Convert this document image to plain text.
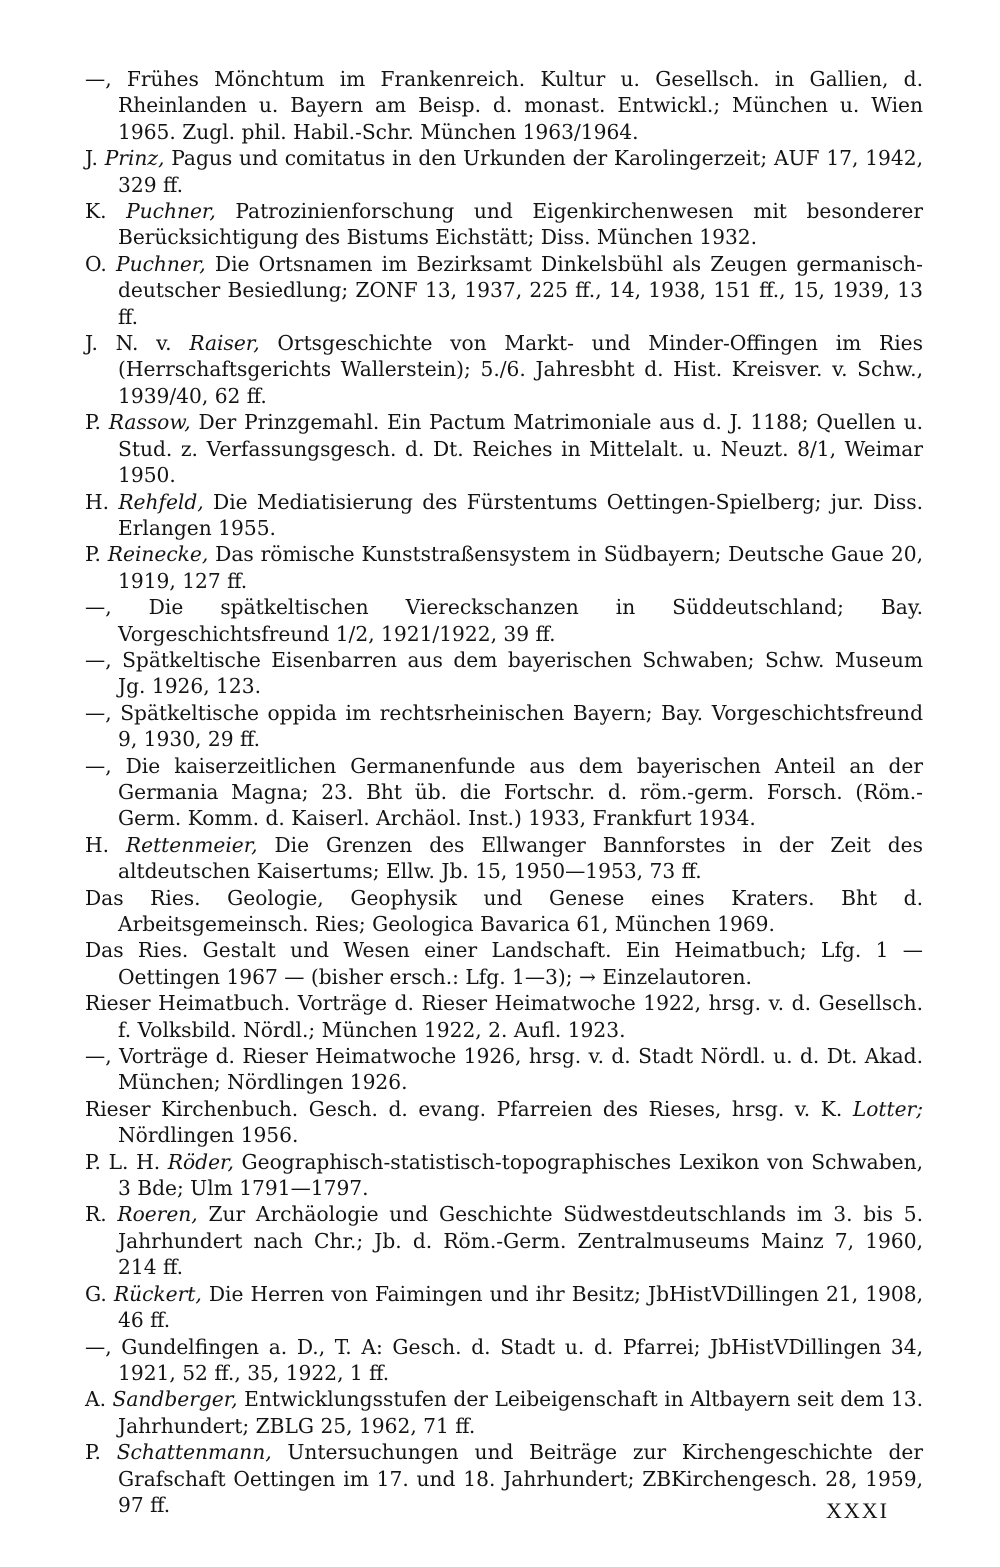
—, Frühes Mönchtum im Frankenreich. Kultur u. Gesellsch. in Gallien, d. Rheinlanden u. Bayern am Beisp. d. monast. Entwickl.; München u. Wien 1965. Zugl. phil. Habil.-Schr. München 1963/1964.

J. Prinz, Pagus und comitatus in den Urkunden der Karolingerzeit; AUF 17, 1942, 329 ff.

K. Puchner, Patrozinienforschung und Eigenkirchenwesen mit besonderer Berücksichtigung des Bistums Eichstätt; Diss. München 1932.

O. Puchner, Die Ortsnamen im Bezirksamt Dinkelsbühl als Zeugen germanisch-deutscher Besiedlung; ZONF 13, 1937, 225 ff., 14, 1938, 151 ff., 15, 1939, 13 ff.

J. N. v. Raiser, Ortsgeschichte von Markt- und Minder-Offingen im Ries (Herrschaftsgerichts Wallerstein); 5./6. Jahresbht d. Hist. Kreisver. v. Schw., 1939/40, 62 ff.

P. Rassow, Der Prinzgemahl. Ein Pactum Matrimoniale aus d. J. 1188; Quellen u. Stud. z. Verfassungsgesch. d. Dt. Reiches in Mittelalt. u. Neuzt. 8/1, Weimar 1950.

H. Rehfeld, Die Mediatisierung des Fürstentums Oettingen-Spielberg; jur. Diss. Erlangen 1955.

P. Reinecke, Das römische Kunststraßensystem in Südbayern; Deutsche Gaue 20, 1919, 127 ff.

—, Die spätkeltischen Viereckschanzen in Süddeutschland; Bay. Vorgeschichtsfreund 1/2, 1921/1922, 39 ff.

—, Spätkeltische Eisenbarren aus dem bayerischen Schwaben; Schw. Museum Jg. 1926, 123.

—, Spätkeltische oppida im rechtsrheinischen Bayern; Bay. Vorgeschichtsfreund 9, 1930, 29 ff.

—, Die kaiserzeitlichen Germanenfunde aus dem bayerischen Anteil an der Germania Magna; 23. Bht üb. die Fortschr. d. röm.-germ. Forsch. (Röm.-Germ. Komm. d. Kaiserl. Archäol. Inst.) 1933, Frankfurt 1934.

H. Rettenmeier, Die Grenzen des Ellwanger Bannforstes in der Zeit des altdeutschen Kaisertums; Ellw. Jb. 15, 1950—1953, 73 ff.

Das Ries. Geologie, Geophysik und Genese eines Kraters. Bht d. Arbeitsgemeinsch. Ries; Geologica Bavarica 61, München 1969.

Das Ries. Gestalt und Wesen einer Landschaft. Ein Heimatbuch; Lfg. 1 — Oettingen 1967 — (bisher ersch.: Lfg. 1—3); → Einzelautoren.

Rieser Heimatbuch. Vorträge d. Rieser Heimatwoche 1922, hrsg. v. d. Gesellsch. f. Volksbild. Nördl.; München 1922, 2. Aufl. 1923.

—, Vorträge d. Rieser Heimatwoche 1926, hrsg. v. d. Stadt Nördl. u. d. Dt. Akad. München; Nördlingen 1926.

Rieser Kirchenbuch. Gesch. d. evang. Pfarreien des Rieses, hrsg. v. K. Lotter; Nördlingen 1956.

P. L. H. Röder, Geographisch-statistisch-topographisches Lexikon von Schwaben, 3 Bde; Ulm 1791—1797.

R. Roeren, Zur Archäologie und Geschichte Südwestdeutschlands im 3. bis 5. Jahrhundert nach Chr.; Jb. d. Röm.-Germ. Zentralmuseums Mainz 7, 1960, 214 ff.

G. Rückert, Die Herren von Faimingen und ihr Besitz; JbHistVDillingen 21, 1908, 46 ff.

—, Gundelfingen a. D., T. A: Gesch. d. Stadt u. d. Pfarrei; JbHistVDillingen 34, 1921, 52 ff., 35, 1922, 1 ff.

A. Sandberger, Entwicklungsstufen der Leibeigenschaft in Altbayern seit dem 13. Jahrhundert; ZBLG 25, 1962, 71 ff.

P. Schattenmann, Untersuchungen und Beiträge zur Kirchengeschichte der Grafschaft Oettingen im 17. und 18. Jahrhundert; ZBKirchengesch. 28, 1959, 97 ff.	XXXI
